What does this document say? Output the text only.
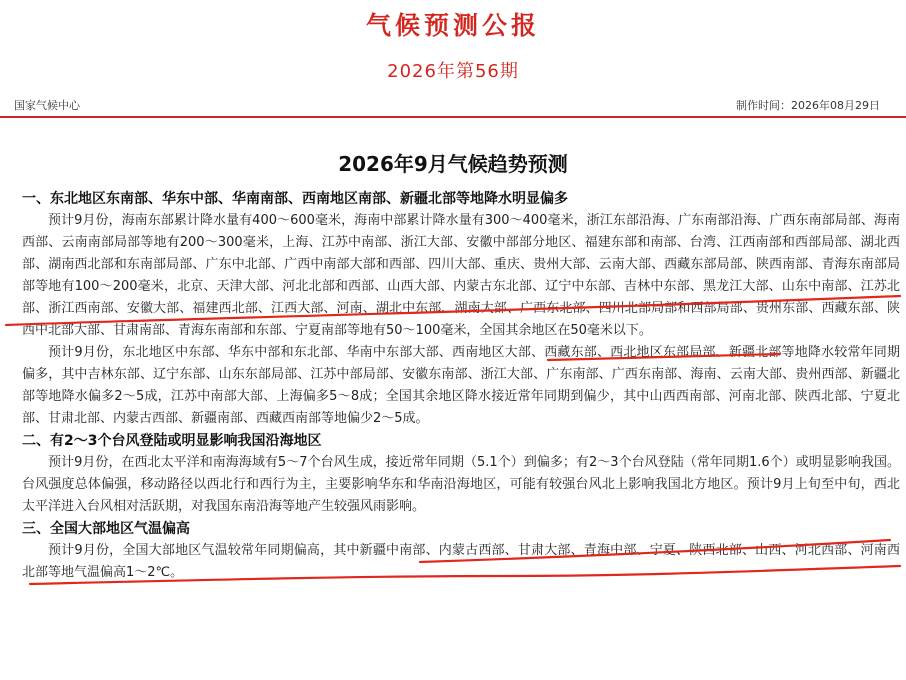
气候预测公报
2026年第56期
国家气候中心	制作时间：2026年08月29日
2026年9月气候趋势预测

一、东北地区东南部、华东中部、华南南部、西南地区南部、新疆北部等地降水明显偏多

预计9月份，海南东部累计降水量有400～600毫米，海南中部累计降水量有300～400毫米，浙江东部沿海、广东南部沿海、广西东南部局部、海南西部、云南南部局部等地有200～300毫米，上海、江苏中南部、浙江大部、安徽中部部分地区、福建东部和南部、台湾、江西南部和西部局部、湖北西部、湖南西北部和东南部局部、广东中北部、广西中南部大部和西部、四川大部、重庆、贵州大部、云南大部、西藏东部局部、陕西南部、青海东南部局部等地有100～200毫米，北京、天津大部、河北北部和西部、山西大部、内蒙古东北部、辽宁中东部、吉林中东部、黑龙江大部、山东中南部、江苏北部、浙江西南部、安徽大部、福建西北部、江西大部、河南、湖北中东部、湖南大部、广西东北部、四川北部局部和西部局部、贵州东部、西藏东部、陕西中北部大部、甘肃南部、青海东南部和东部、宁夏南部等地有50～100毫米，全国其余地区在50毫米以下。

预计9月份，东北地区中东部、华东中部和东北部、华南中东部大部、西南地区大部、西藏东部、西北地区东部局部、新疆北部等地降水较常年同期偏多，其中吉林东部、辽宁东部、山东东部局部、江苏中部局部、安徽东南部、浙江大部、广东南部、广西东南部、海南、云南大部、贵州西部、新疆北部等地降水偏多2～5成，江苏中南部大部、上海偏多5～8成；全国其余地区降水接近常年同期到偏少，其中山西西南部、河南北部、陕西北部、宁夏北部、甘肃北部、内蒙古西部、新疆南部、西藏西南部等地偏少2～5成。

二、有2～3个台风登陆或明显影响我国沿海地区

预计9月份，在西北太平洋和南海海域有5～7个台风生成，接近常年同期（5.1个）到偏多；有2～3个台风登陆（常年同期1.6个）或明显影响我国。台风强度总体偏强，移动路径以西北行和西行为主，主要影响华东和华南沿海地区，可能有较强台风北上影响我国北方地区。预计9月上旬至中旬，西北太平洋进入台风相对活跃期，对我国东南沿海等地产生较强风雨影响。

三、全国大部地区气温偏高

预计9月份，全国大部地区气温较常年同期偏高，其中新疆中南部、内蒙古西部、甘肃大部、青海中部、宁夏、陕西北部、山西、河北西部、河南西北部等地气温偏高1～2℃。
